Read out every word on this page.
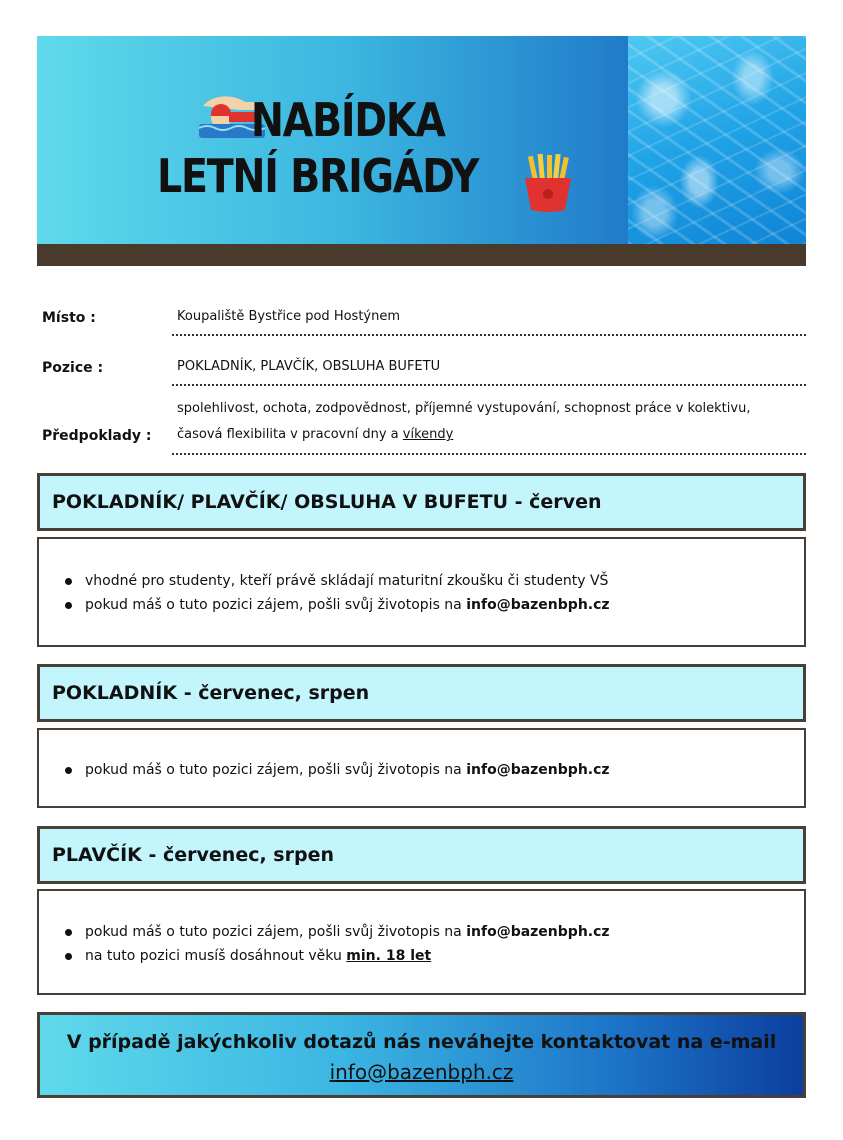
NABÍDKA
LETNÍ BRIGÁDY
Místo :	Koupaliště Bystřice pod Hostýnem
Pozice :	POKLADNÍK, PLAVČÍK, OBSLUHA BUFETU
Předpoklady :
spolehlivost, ochota, zodpovědnost, příjemné vystupování, schopnost práce v kolektivu,
časová flexibilita v pracovní dny a víkendy
POKLADNÍK/ PLAVČÍK/ OBSLUHA V BUFETU - červen
vhodné pro studenty, kteří právě skládají maturitní zkoušku či studenty VŠ
pokud máš o tuto pozici zájem, pošli svůj životopis na info@bazenbph.cz
POKLADNÍK - červenec, srpen
pokud máš o tuto pozici zájem, pošli svůj životopis na info@bazenbph.cz
PLAVČÍK - červenec, srpen
pokud máš o tuto pozici zájem, pošli svůj životopis na info@bazenbph.cz
na tuto pozici musíš dosáhnout věku min. 18 let
V případě jakýchkoliv dotazů nás neváhejte kontaktovat na e-mail
info@bazenbph.cz
